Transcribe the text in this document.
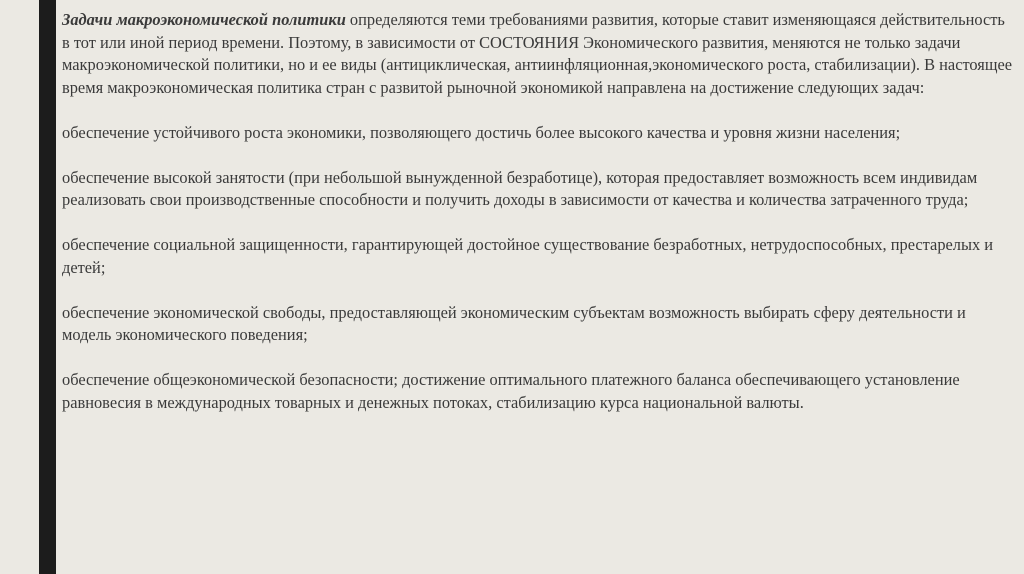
Задачи макроэкономической политики определяются теми требованиями развития, которые ставит изменяющаяся действительность в тот или иной период времени. Поэтому, в зависимости от СОСТОЯНИЯ Экономического развития, меняются не только задачи макроэкономической политики, но и ее виды (антициклическая, антиинфляционная,экономического роста, стабилизации). В настоящее время макроэкономическая политика стран с развитой рыночной экономикой направлена на достижение следующих задач:

обеспечение устойчивого роста экономики, позволяющего достичь более высокого качества и уровня жизни населения;

обеспечение высокой занятости (при небольшой вынужденной безработице), которая предоставляет возможность всем индивидам реализовать свои производственные способности и получить доходы в зависимости от качества и количества затраченного труда;

обеспечение социальной защищенности, гарантирующей достойное существование безработных, нетрудоспособных, престарелых и детей;

обеспечение экономической свободы, предоставляющей экономическим субъектам возможность выбирать сферу деятельности и модель экономического поведения;

обеспечение общеэкономической безопасности; достижение оптимального платежного баланса обеспечивающего установление равновесия в международных товарных и денежных потоках, стабилизацию курса национальной валюты.
